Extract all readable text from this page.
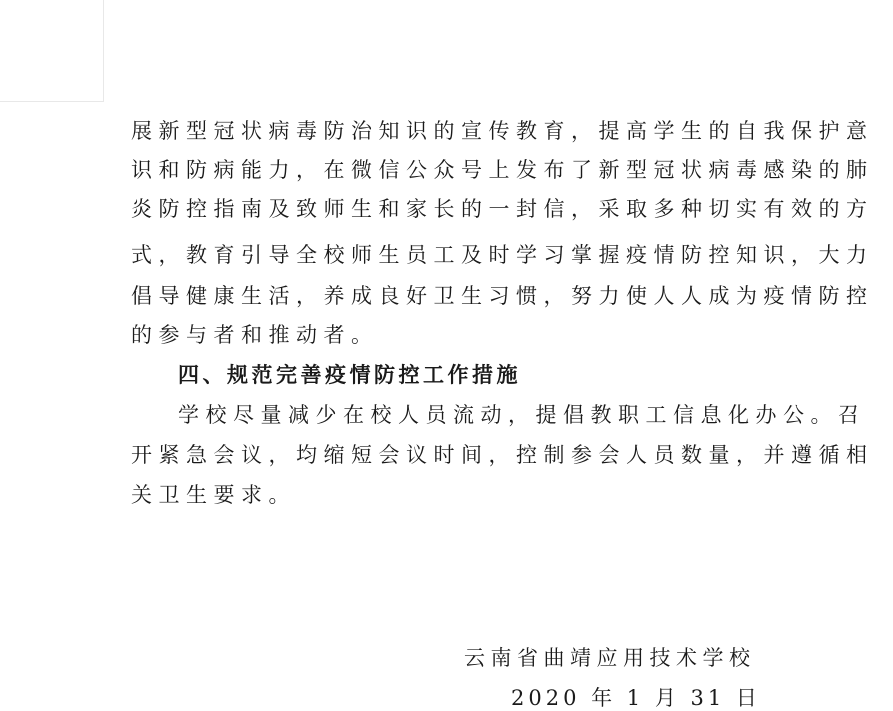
展新型冠状病毒防治知识的宣传教育，提高学生的自我保护意
识和防病能力，在微信公众号上发布了新型冠状病毒感染的肺
炎防控指南及致师生和家长的一封信，采取多种切实有效的方
式，教育引导全校师生员工及时学习掌握疫情防控知识，大力
倡导健康生活，养成良好卫生习惯，努力使人人成为疫情防控
的参与者和推动者。
四、规范完善疫情防控工作措施
学校尽量减少在校人员流动，提倡教职工信息化办公。召
开紧急会议，均缩短会议时间，控制参会人员数量，并遵循相
关卫生要求。
云南省曲靖应用技术学校
2020 年 1 月 31 日
